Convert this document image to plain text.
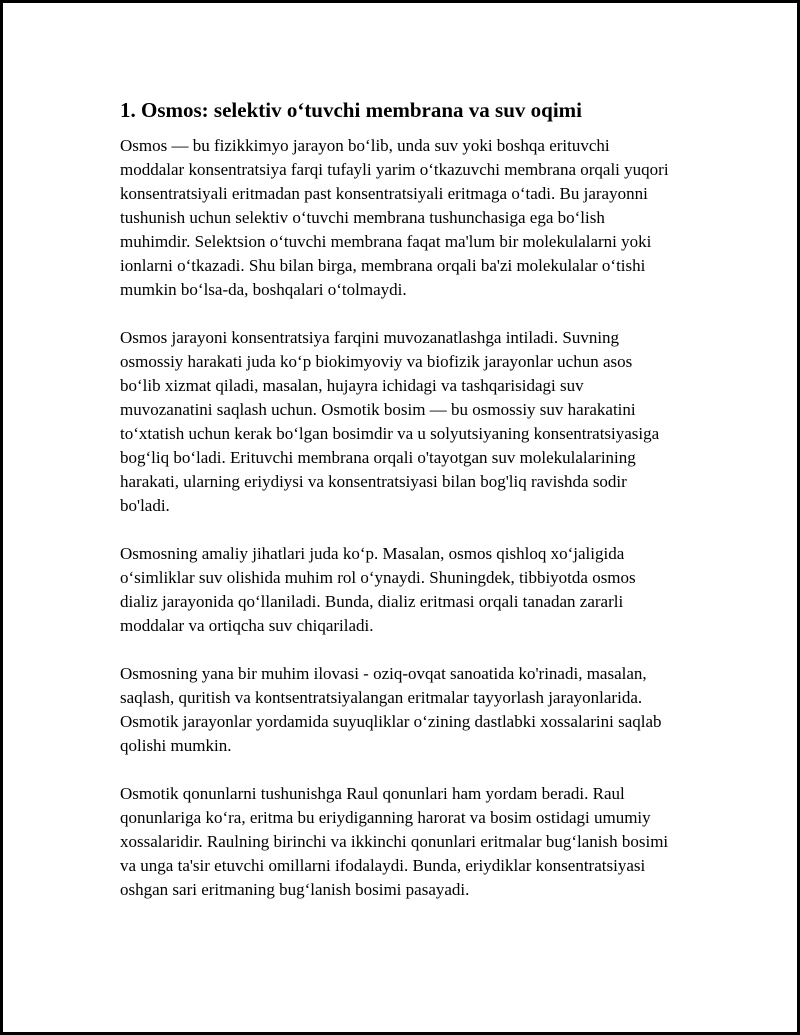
1. Osmos: selektiv o‘tuvchi membrana va suv oqimi

Osmos — bu fizikkimyo jarayon bo‘lib, unda suv yoki boshqa erituvchi moddalar konsentratsiya farqi tufayli yarim o‘tkazuvchi membrana orqali yuqori konsentratsiyali eritmadan past konsentratsiyali eritmaga o‘tadi. Bu jarayonni tushunish uchun selektiv o‘tuvchi membrana tushunchasiga ega bo‘lish muhimdir. Selektsion o‘tuvchi membrana faqat ma'lum bir molekulalarni yoki ionlarni o‘tkazadi. Shu bilan birga, membrana orqali ba'zi molekulalar o‘tishi mumkin bo‘lsa-da, boshqalari o‘tolmaydi.

Osmos jarayoni konsentratsiya farqini muvozanatlashga intiladi. Suvning osmossiy harakati juda ko‘p biokimyoviy va biofizik jarayonlar uchun asos bo‘lib xizmat qiladi, masalan, hujayra ichidagi va tashqarisidagi suv muvozanatini saqlash uchun. Osmotik bosim — bu osmossiy suv harakatini to‘xtatish uchun kerak bo‘lgan bosimdir va u solyutsiyaning konsentratsiyasiga bog‘liq bo‘ladi. Erituvchi membrana orqali o'tayotgan suv molekulalarining harakati, ularning eriydiysi va konsentratsiyasi bilan bog'liq ravishda sodir bo'ladi.

Osmosning amaliy jihatlari juda ko‘p. Masalan, osmos qishloq xo‘jaligida o‘simliklar suv olishida muhim rol o‘ynaydi. Shuningdek, tibbiyotda osmos dializ jarayonida qo‘llaniladi. Bunda, dializ eritmasi orqali tanadan zararli moddalar va ortiqcha suv chiqariladi.

Osmosning yana bir muhim ilovasi - oziq-ovqat sanoatida ko'rinadi, masalan, saqlash, quritish va kontsentratsiyalangan eritmalar tayyorlash jarayonlarida. Osmotik jarayonlar yordamida suyuqliklar o‘zining dastlabki xossalarini saqlab qolishi mumkin.

Osmotik qonunlarni tushunishga Raul qonunlari ham yordam beradi. Raul qonunlariga ko‘ra, eritma bu eriydiganning harorat va bosim ostidagi umumiy xossalaridir. Raulning birinchi va ikkinchi qonunlari eritmalar bug‘lanish bosimi va unga ta'sir etuvchi omillarni ifodalaydi. Bunda, eriydiklar konsentratsiyasi oshgan sari eritmaning bug‘lanish bosimi pasayadi.
